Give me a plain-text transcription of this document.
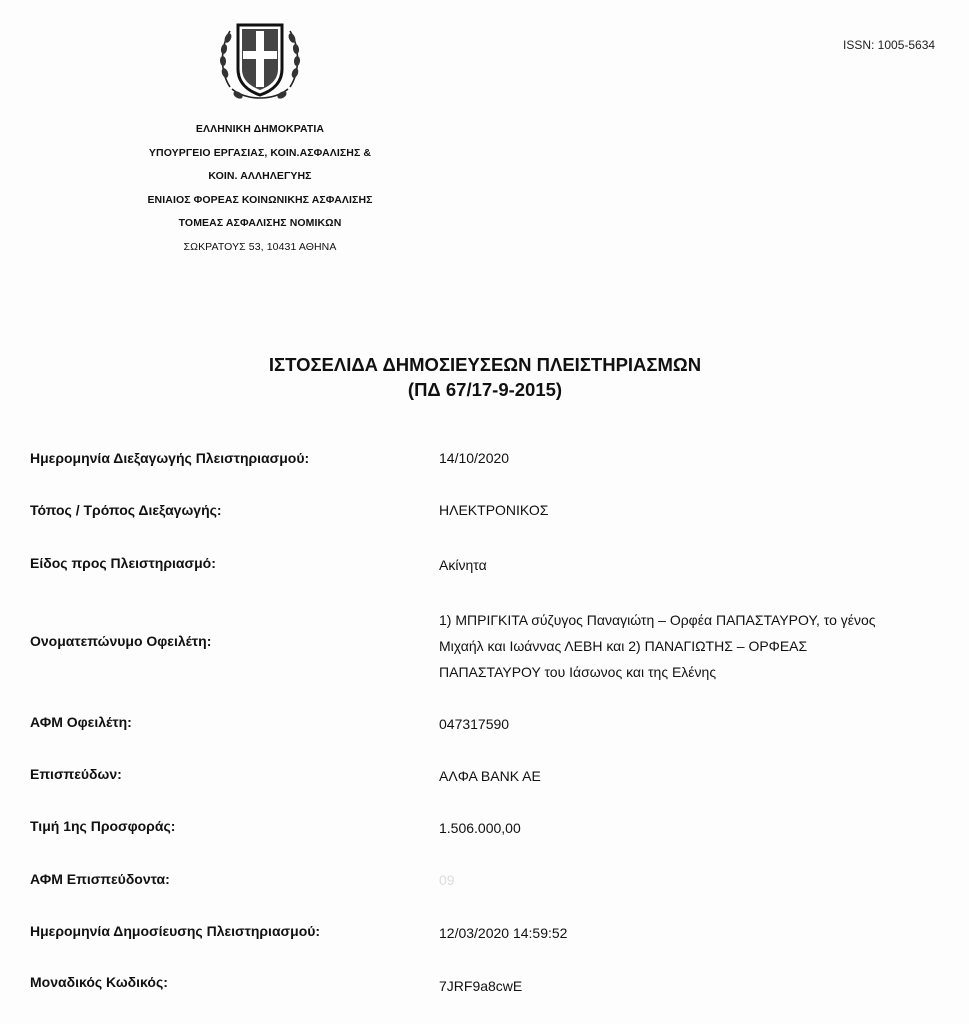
ISSN: 1005-5634
ΕΛΛΗΝΙΚΗ ΔΗΜΟΚΡΑΤΙΑ
ΥΠΟΥΡΓΕΙΟ ΕΡΓΑΣΙΑΣ, ΚΟΙΝ.ΑΣΦΑΛΙΣΗΣ &
ΚΟΙΝ. ΑΛΛΗΛΕΓΥΗΣ
ΕΝΙΑΙΟΣ ΦΟΡΕΑΣ ΚΟΙΝΩΝΙΚΗΣ ΑΣΦΑΛΙΣΗΣ
ΤΟΜΕΑΣ ΑΣΦΑΛΙΣΗΣ ΝΟΜΙΚΩΝ
ΣΩΚΡΑΤΟΥΣ 53, 10431 ΑΘΗΝΑ
ΙΣΤΟΣΕΛΙΔΑ ΔΗΜΟΣΙΕΥΣΕΩΝ ΠΛΕΙΣΤΗΡΙΑΣΜΩΝ
(ΠΔ 67/17-9-2015)
Ημερομηνία Διεξαγωγής Πλειστηριασμού:	14/10/2020
Τόπος / Τρόπος Διεξαγωγής:	ΗΛΕΚΤΡΟΝΙΚΟΣ
Είδος προς Πλειστηριασμό:	Ακίνητα
Ονοματεπώνυμο Οφειλέτη:
1) ΜΠΡΙΓΚΙΤΑ σύζυγος Παναγιώτη – Ορφέα ΠΑΠΑΣΤΑΥΡΟΥ, το γένος
Μιχαήλ και Ιωάννας ΛΕΒΗ και 2) ΠΑΝΑΓΙΩΤΗΣ – ΟΡΦΕΑΣ
ΠΑΠΑΣΤΑΥΡΟΥ του Ιάσωνος και της Ελένης
ΑΦΜ Οφειλέτη:	047317590
Επισπεύδων:	ΑΛΦΑ BANK AE
Τιμή 1ης Προσφοράς:	1.506.000,00
ΑΦΜ Επισπεύδοντα:	09
Ημερομηνία Δημοσίευσης Πλειστηριασμού:	12/03/2020 14:59:52
Μοναδικός Κωδικός:	7JRF9a8cwE
